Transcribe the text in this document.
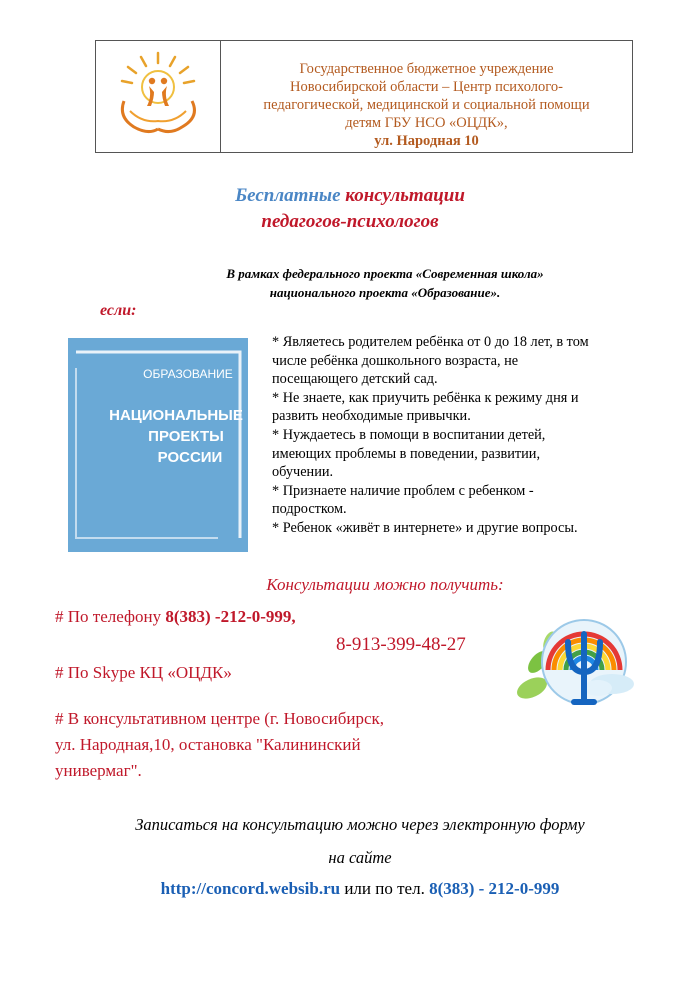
Государственное бюджетное учреждение
Новосибирской области – Центр психолого-
педагогической, медицинской и социальной помощи
детям ГБУ НСО «ОЦДК»,
ул. Народная 10
Бесплатные консультации
педагогов-психологов
В рамках федерального проекта «Современная школа»
национального проекта «Образование».
если:
ОБРАЗОВАНИЕ
НАЦИОНАЛЬНЫЕ
ПРОЕКТЫ
РОССИИ
* Являетесь родителем ребёнка от 0 до 18 лет, в том
числе ребёнка дошкольного возраста, не
посещающего детский сад.
* Не знаете, как приучить ребёнка к режиму дня и
развить необходимые привычки.
* Нуждаетесь в помощи в воспитании детей,
имеющих проблемы в поведении, развитии,
обучении.
* Признаете наличие проблем с ребенком -
подростком.
* Ребенок «живёт в интернете» и другие вопросы.
Консультации можно получить:
# По телефону 8(383) -212-0-999,
8-913-399-48-27
# По Skype КЦ «ОЦДК»
# В консультативном центре (г. Новосибирск,
ул. Народная,10, остановка "Калининский
универмаг".
Записаться на консультацию можно через электронную форму
на сайте
http://concord.websib.ru или по тел. 8(383) - 212-0-999
